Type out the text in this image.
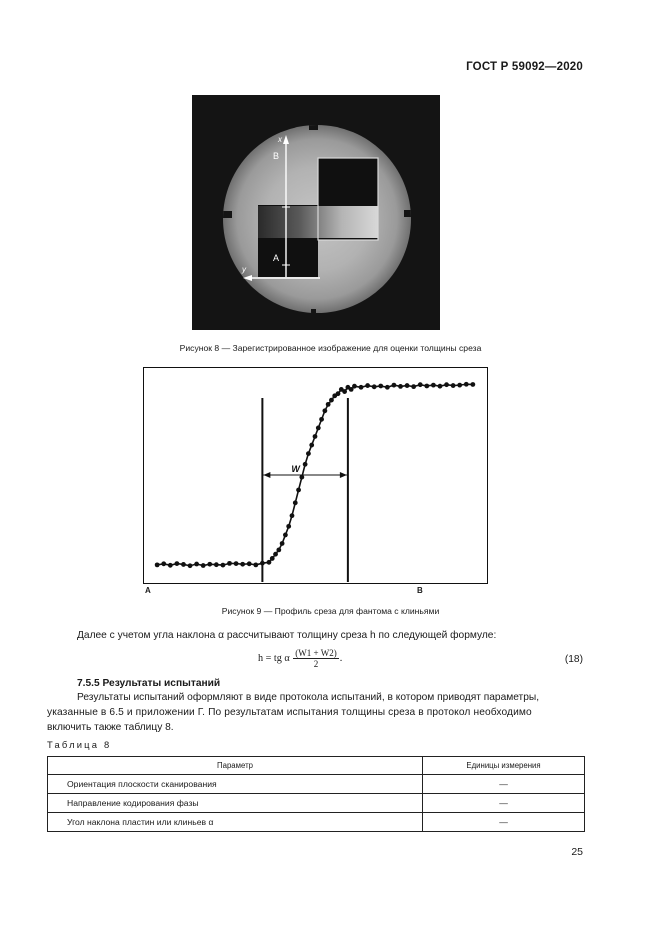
ГОСТ Р 59092—2020
x
B
A
y
Рисунок 8 — Зарегистрированное изображение для оценки толщины среза
W
A	B
Рисунок 9 — Профиль среза для фантома с клиньями
Далее с учетом угла наклона α рассчитывают толщину среза h по следующей формуле:
h = tg α $\frac{(W1 + W2)}{2}$ .	(18)
7.5.5 Результаты испытаний
Результаты испытаний оформляют в виде протокола испытаний, в котором приводят параметры,
указанные в 6.5 и приложении Г. По результатам испытания толщины среза в протокол необходимо
включить также таблицу 8.
Таблица 8
Параметр	Единицы измерения
Ориентация плоскости сканирования	—
Направление кодирования фазы	—
Угол наклона пластин или клиньев α	—
25
